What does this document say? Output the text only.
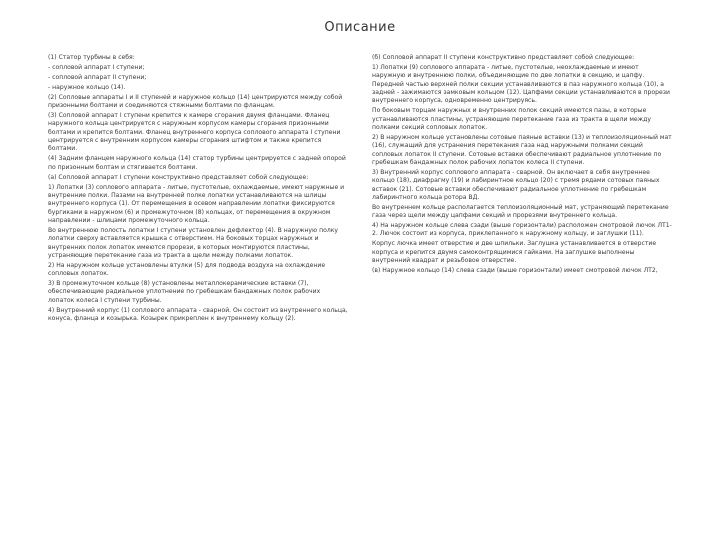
Описание

(1) Статор турбины в себя:

- сопловой аппарат I ступени;

- сопловой аппарат II ступени;

- наружное кольцо (14).

(2) Сопловые аппараты I и II ступеней и наружное кольцо (14) центрируются между собой призонными болтами и соединяются стяжными болтами по фланцам.

(3) Сопловой аппарат I ступени крепится к камере сгорания двумя фланцами. Фланец наружного кольца центрируется с наружным корпусом камеры сгорания призонными болтами и крепится болтами. Фланец внутреннего корпуса соплового аппарата I ступени центрируется с внутренним корпусом камеры сгорания штифтом и также крепится болтами.

(4) Задним фланцем наружного кольца (14) статор турбины центрируется с задней опорой по призонным болтам и стягивается болтами.

(a) Сопловой аппарат I ступени конструктивно представляет собой следующее:

1) Лопатки (3) соплового аппарата - литые, пустотелые, охлаждаемые, имеют наружные и внутренние полки. Пазами на внутренней полке лопатки устанавливаются на шлицы внутреннего корпуса (1). От перемещения в осевом направлении лопатки фиксируются бургиками в наружном (6) и промежуточном (8) кольцах, от перемещения в окружном направлении - шлицами промежуточного кольца.

Во внутреннюю полость лопатки I ступени установлен дефлектор (4). В наружную полку лопатки сверху вставляется крышка с отверстием. На боковых торцах наружных и внутренних полок лопаток имеются прорези, в которых монтируются пластины, устраняющие перетекание газа из тракта в щели между полками лопаток.

2) На наружном кольце установлены втулки (5) для подвода воздуха на охлаждение сопловых лопаток.

3) В промежуточном кольце (8) установлены металлокерамические вставки (7), обеспечивающие радиальное уплотнение по гребешкам бандажных полок рабочих лопаток колеса I ступени турбины.

4) Внутренний корпус (1) соплового аппарата - сварной. Он состоит из внутреннего кольца, конуса, фланца и козырька. Козырек прикреплен к внутреннему кольцу (2).

(б) Сопловой аппарат II ступени конструктивно представляет собой следующее:

1) Лопатки (9) соплового аппарата - литые, пустотелые, неохлаждаемые и имеют наружную и внутреннюю полки, объединяющие по две лопатки в секцию, и цапфу. Передней частью верхней полки секции устанавливаются в паз наружного кольца (10), а задней - зажимаются замковым кольцом (12). Цапфами секции устанавливаются в прорези внутреннего корпуса, одновременно центрируясь.

По боковым торцам наружных и внутренних полок секций имеются пазы, в которые устанавливаются пластины, устраняющие перетекание газа из тракта в щели между полками секций сопловых лопаток.

2) В наружном кольце установлены сотовые паяные вставки (13) и теплоизоляционный мат (16), служащий для устранения перетекания газа над наружными полками секций сопловых лопаток II ступени. Сотовые вставки обеспечивают радиальное уплотнение по гребешкам бандажных полок рабочих лопаток колеса II ступени.

3) Внутренний корпус соплового аппарата - сварной. Он включает в себя внутреннее кольцо (18), диафрагму (19) и лабиринтное кольцо (20) с тремя рядами сотовых паяных вставок (21). Сотовые вставки обеспечивают радиальное уплотнение по гребешкам лабиринтного кольца ротора ВД.

Во внутреннем кольце располагается теплоизоляционный мат, устраняющий перетекание газа через щели между цапфами секций и прорезями внутреннего кольца.

4) На наружном кольце слева сзади (выше горизонтали) расположен смотровой лючок ЛТ1-2. Лючок состоит из корпуса, приклепанного к наружному кольцу, и заглушки (11).

Корпус лючка имеет отверстие и две шпильки. Заглушка устанавливается в отверстие корпуса и крепится двумя самоконтрящимися гайками. На заглушке выполнены внутренний квадрат и резьбовое отверстие.

(в) Наружное кольцо (14) слева сзади (выше горизонтали) имеет смотровой лючок ЛТ2,
